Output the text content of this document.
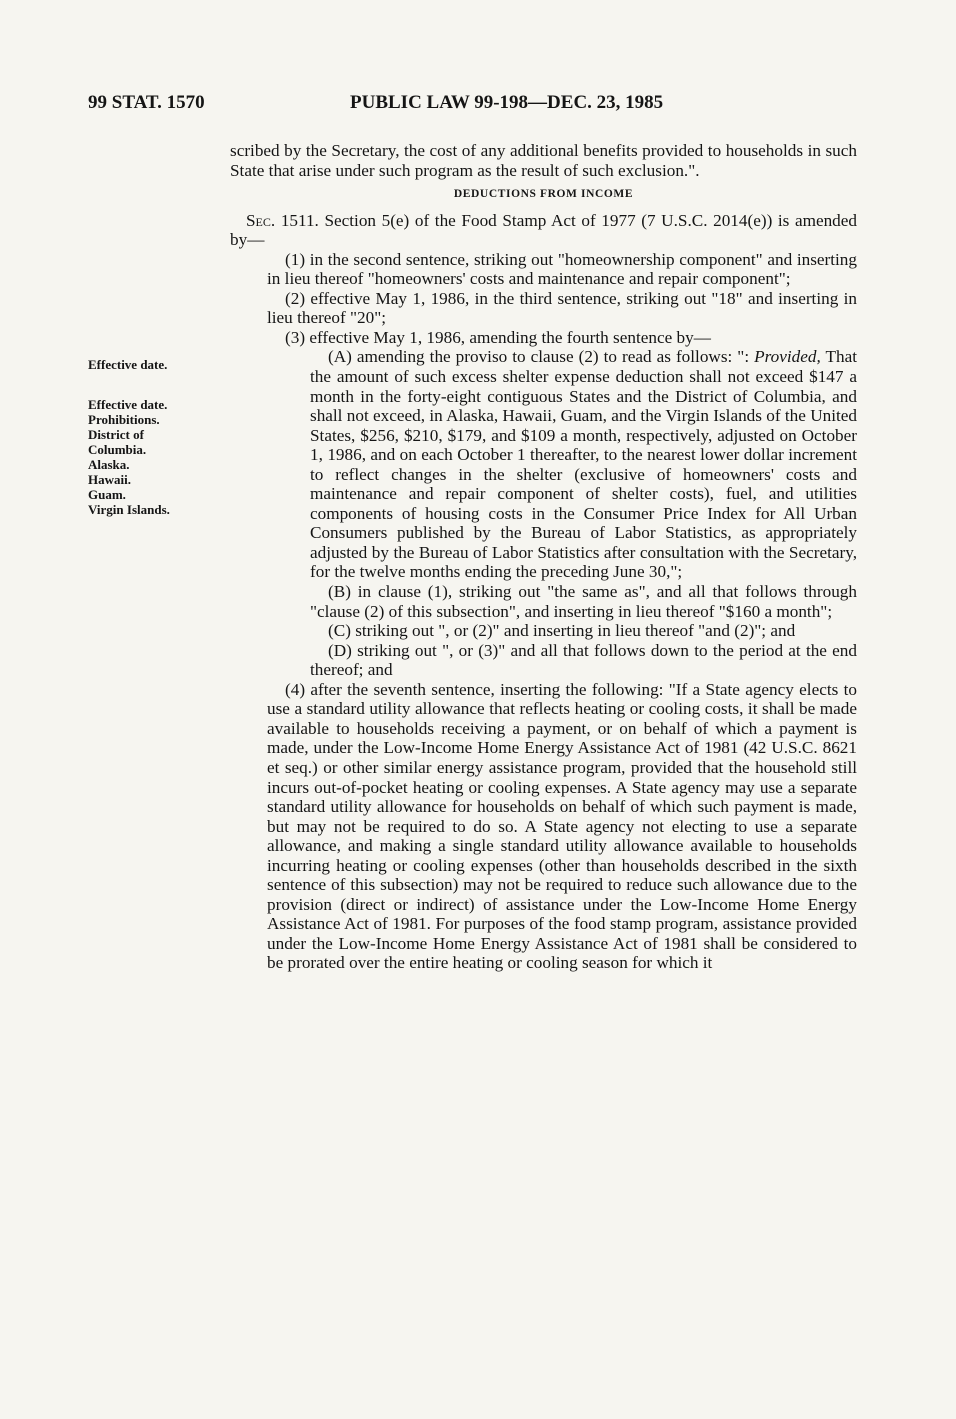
99 STAT. 1570	PUBLIC LAW 99-198—DEC. 23, 1985
Effective date.
Effective date.
Prohibitions.
District of
Columbia.
Alaska.
Hawaii.
Guam.
Virgin Islands.

scribed by the Secretary, the cost of any additional benefits provided to households in such State that arise under such program as the result of such exclusion.".

DEDUCTIONS FROM INCOME

Sec. 1511. Section 5(e) of the Food Stamp Act of 1977 (7 U.S.C. 2014(e)) is amended by—

(1) in the second sentence, striking out "homeownership component" and inserting in lieu thereof "homeowners' costs and maintenance and repair component";

(2) effective May 1, 1986, in the third sentence, striking out "18" and inserting in lieu thereof "20";

(3) effective May 1, 1986, amending the fourth sentence by—

(A) amending the proviso to clause (2) to read as follows: ": Provided, That the amount of such excess shelter expense deduction shall not exceed $147 a month in the forty-eight contiguous States and the District of Columbia, and shall not exceed, in Alaska, Hawaii, Guam, and the Virgin Islands of the United States, $256, $210, $179, and $109 a month, respectively, adjusted on October 1, 1986, and on each October 1 thereafter, to the nearest lower dollar increment to reflect changes in the shelter (exclusive of homeowners' costs and maintenance and repair component of shelter costs), fuel, and utilities components of housing costs in the Consumer Price Index for All Urban Consumers published by the Bureau of Labor Statistics, as appropriately adjusted by the Bureau of Labor Statistics after consultation with the Secretary, for the twelve months ending the preceding June 30,";

(B) in clause (1), striking out "the same as", and all that follows through "clause (2) of this subsection", and inserting in lieu thereof "$160 a month";

(C) striking out ", or (2)" and inserting in lieu thereof "and (2)"; and

(D) striking out ", or (3)" and all that follows down to the period at the end thereof; and

(4) after the seventh sentence, inserting the following: "If a State agency elects to use a standard utility allowance that reflects heating or cooling costs, it shall be made available to households receiving a payment, or on behalf of which a payment is made, under the Low-Income Home Energy Assistance Act of 1981 (42 U.S.C. 8621 et seq.) or other similar energy assistance program, provided that the household still incurs out-of-pocket heating or cooling expenses. A State agency may use a separate standard utility allowance for households on behalf of which such payment is made, but may not be required to do so. A State agency not electing to use a separate allowance, and making a single standard utility allowance available to households incurring heating or cooling expenses (other than households described in the sixth sentence of this subsection) may not be required to reduce such allowance due to the provision (direct or indirect) of assistance under the Low-Income Home Energy Assistance Act of 1981. For purposes of the food stamp program, assistance provided under the Low-Income Home Energy Assistance Act of 1981 shall be considered to be prorated over the entire heating or cooling season for which it
